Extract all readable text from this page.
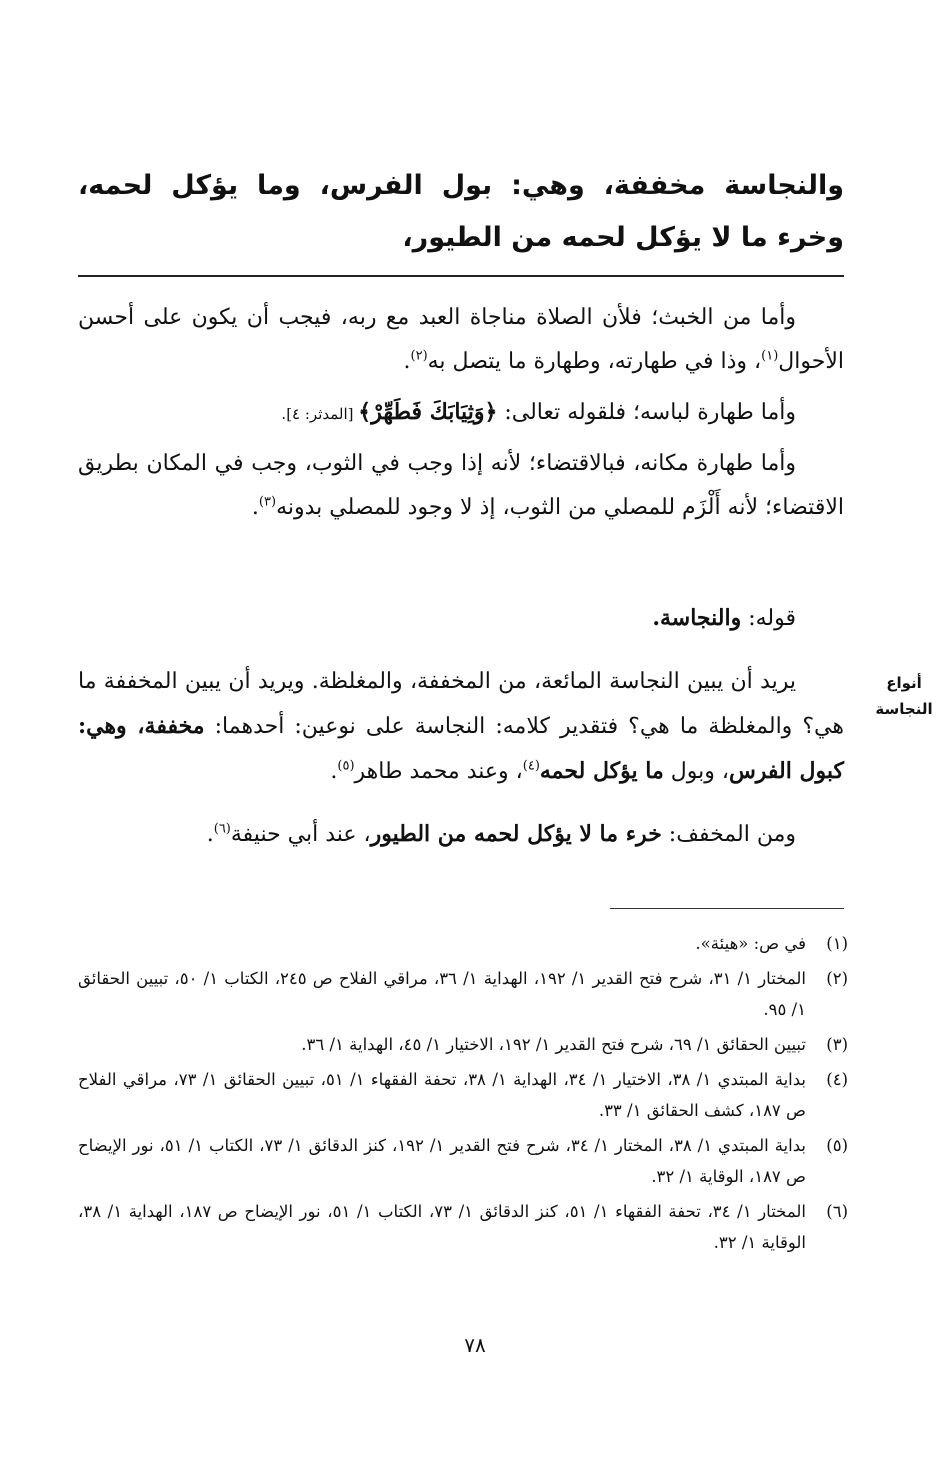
والنجاسة مخففة، وهي: بول الفرس، وما يؤكل لحمه، وخرء ما لا يؤكل لحمه من الطيور،

وأما من الخبث؛ فلأن الصلاة مناجاة العبد مع ربه، فيجب أن يكون على أحسن الأحوال$^{(١)}$، وذا في طهارته، وطهارة ما يتصل به$^{(٢)}$.

وأما طهارة لباسه؛ فلقوله تعالى: ﴿وَثِيَابَكَ فَطَهِّرْ﴾ [المدثر: ٤].

وأما طهارة مكانه، فبالاقتضاء؛ لأنه إذا وجب في الثوب، وجب في المكان بطريق الاقتضاء؛ لأنه أَلْزَم للمصلي من الثوب، إذ لا وجود للمصلي بدونه$^{(٣)}$.

قوله: والنجاسة.

يريد أن يبين النجاسة المائعة، من المخففة، والمغلظة. ويريد أن يبين المخففة ما هي؟ والمغلظة ما هي؟ فتقدير كلامه: النجاسة على نوعين: أحدهما: مخففة، وهي: كبول الفرس، وبول ما يؤكل لحمه$^{(٤)}$، وعند محمد طاهر$^{(٥)}$.

ومن المخفف: خرء ما لا يؤكل لحمه من الطيور، عند أبي حنيفة$^{(٦)}$.

أنواع
النجاسة
(١)
في ص: «هيئة».
(٢)
المختار ١/ ٣١، شرح فتح القدير ١/ ١٩٢، الهداية ١/ ٣٦، مراقي الفلاح ص ٢٤٥، الكتاب ١/ ٥٠، تبيين الحقائق ١/ ٩٥.
(٣)
تبيين الحقائق ١/ ٦٩، شرح فتح القدير ١/ ١٩٢، الاختيار ١/ ٤٥، الهداية ١/ ٣٦.
(٤)
بداية المبتدي ١/ ٣٨، الاختيار ١/ ٣٤، الهداية ١/ ٣٨، تحفة الفقهاء ١/ ٥١، تبيين الحقائق ١/ ٧٣، مراقي الفلاح ص ١٨٧، كشف الحقائق ١/ ٣٣.
(٥)
بداية المبتدي ١/ ٣٨، المختار ١/ ٣٤، شرح فتح القدير ١/ ١٩٢، كنز الدقائق ١/ ٧٣، الكتاب ١/ ٥١، نور الإيضاح ص ١٨٧، الوقاية ١/ ٣٢.
(٦)
المختار ١/ ٣٤، تحفة الفقهاء ١/ ٥١، كنز الدقائق ١/ ٧٣، الكتاب ١/ ٥١، نور الإيضاح ص ١٨٧، الهداية ١/ ٣٨، الوقاية ١/ ٣٢.
٧٨
